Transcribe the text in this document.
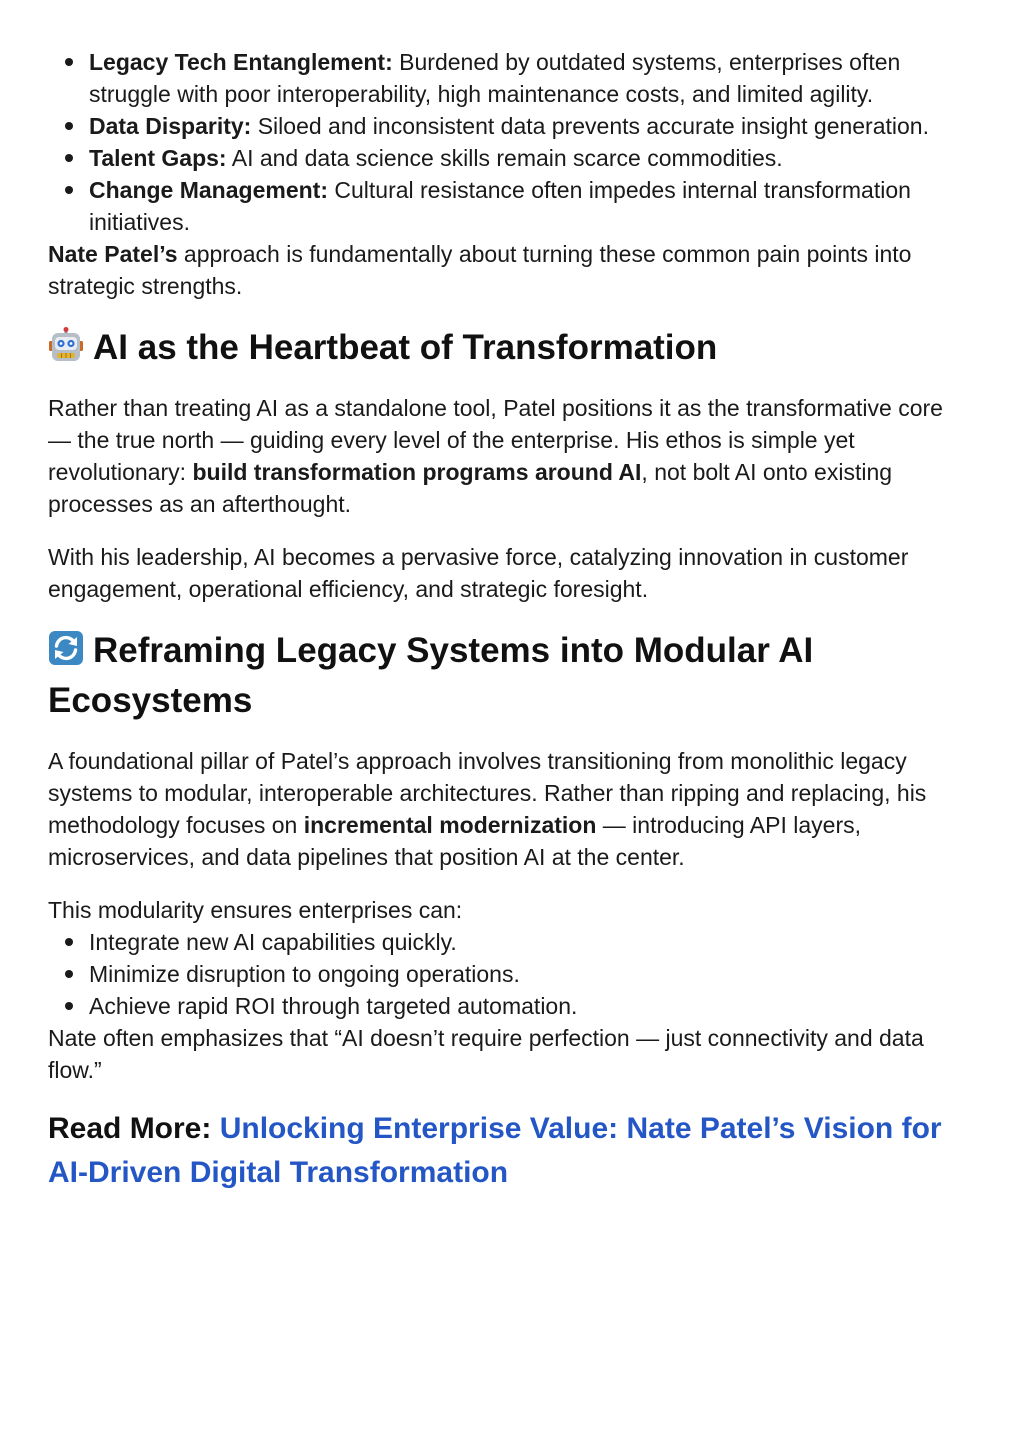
Legacy Tech Entanglement: Burdened by outdated systems, enterprises often struggle with poor interoperability, high maintenance costs, and limited agility.
Data Disparity: Siloed and inconsistent data prevents accurate insight generation.
Talent Gaps: AI and data science skills remain scarce commodities.
Change Management: Cultural resistance often impedes internal transformation initiatives.

Nate Patel’s approach is fundamentally about turning these common pain points into strategic strengths.

AI as the Heartbeat of Transformation

Rather than treating AI as a standalone tool, Patel positions it as the transformative core — the true north — guiding every level of the enterprise. His ethos is simple yet revolutionary: build transformation programs around AI, not bolt AI onto existing processes as an afterthought.

With his leadership, AI becomes a pervasive force, catalyzing innovation in customer engagement, operational efficiency, and strategic foresight.

Reframing Legacy Systems into Modular AI Ecosystems

A foundational pillar of Patel’s approach involves transitioning from monolithic legacy systems to modular, interoperable architectures. Rather than ripping and replacing, his methodology focuses on incremental modernization — introducing API layers, microservices, and data pipelines that position AI at the center.

This modularity ensures enterprises can:

Integrate new AI capabilities quickly.
Minimize disruption to ongoing operations.
Achieve rapid ROI through targeted automation.

Nate often emphasizes that “AI doesn’t require perfection — just connectivity and data flow.”

Read More: Unlocking Enterprise Value: Nate Patel’s Vision for AI-Driven Digital Transformation
